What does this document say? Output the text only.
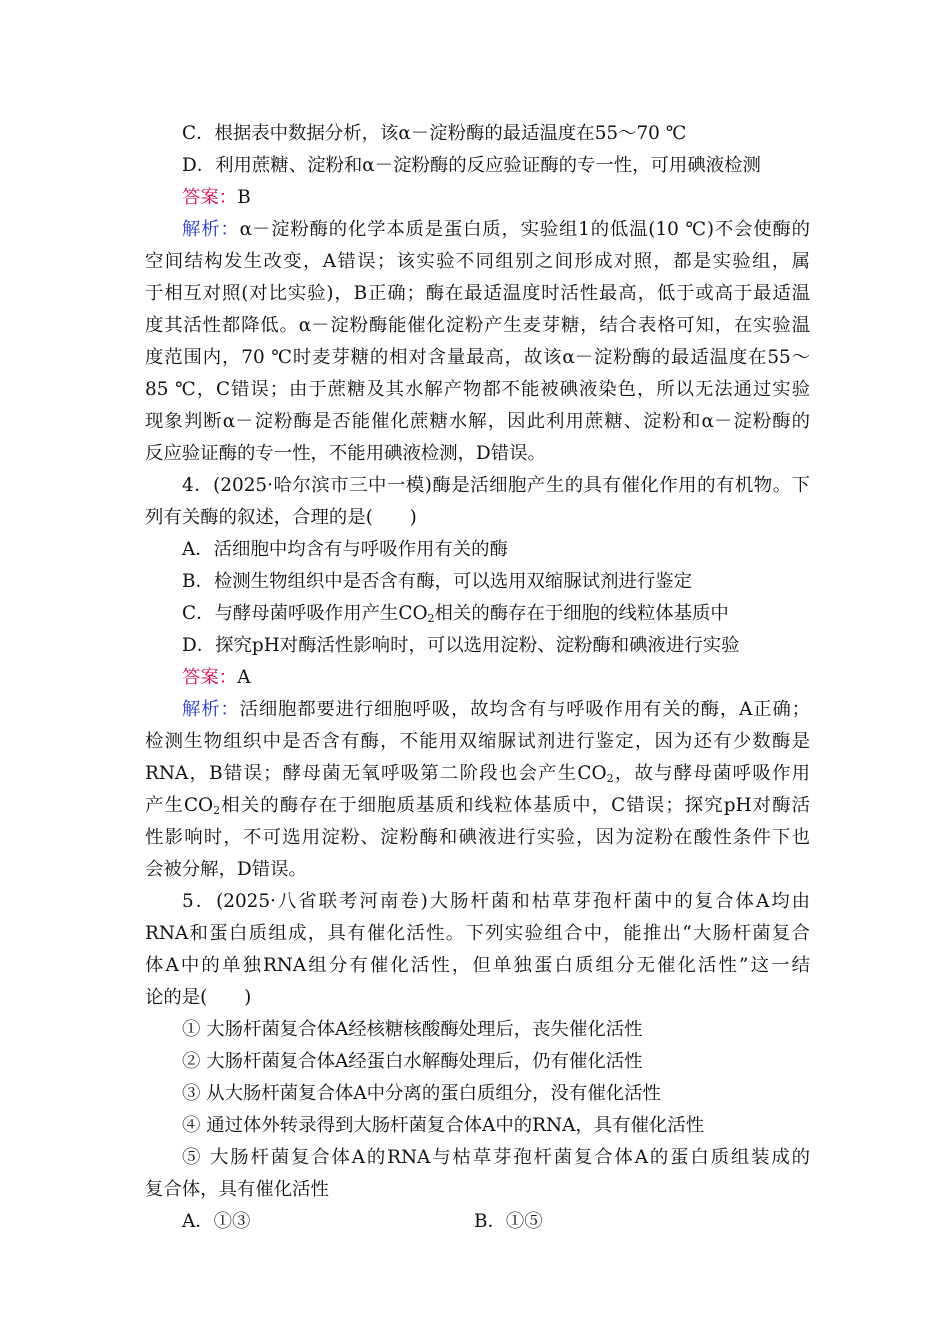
C．根据表中数据分析，该α－淀粉酶的最适温度在55～70 ℃
D．利用蔗糖、淀粉和α－淀粉酶的反应验证酶的专一性，可用碘液检测
答案：B
解析：α－淀粉酶的化学本质是蛋白质，实验组1的低温(10 ℃)不会使酶的
空间结构发生改变，A错误；该实验不同组别之间形成对照，都是实验组，属
于相互对照(对比实验)，B正确；酶在最适温度时活性最高，低于或高于最适温
度其活性都降低。α－淀粉酶能催化淀粉产生麦芽糖，结合表格可知，在实验温
度范围内，70 ℃时麦芽糖的相对含量最高，故该α－淀粉酶的最适温度在55～
85 ℃，C错误；由于蔗糖及其水解产物都不能被碘液染色，所以无法通过实验
现象判断α－淀粉酶是否能催化蔗糖水解，因此利用蔗糖、淀粉和α－淀粉酶的
反应验证酶的专一性，不能用碘液检测，D错误。
4．(2025·哈尔滨市三中一模)酶是活细胞产生的具有催化作用的有机物。下
列有关酶的叙述，合理的是(　　)
A．活细胞中均含有与呼吸作用有关的酶
B．检测生物组织中是否含有酶，可以选用双缩脲试剂进行鉴定
C．与酵母菌呼吸作用产生$CO_2$相关的酶存在于细胞的线粒体基质中
D．探究pH对酶活性影响时，可以选用淀粉、淀粉酶和碘液进行实验
答案：A
解析：活细胞都要进行细胞呼吸，故均含有与呼吸作用有关的酶，A正确；
检测生物组织中是否含有酶，不能用双缩脲试剂进行鉴定，因为还有少数酶是
RNA，B错误；酵母菌无氧呼吸第二阶段也会产生$CO_2$，故与酵母菌呼吸作用
产生$CO_2$相关的酶存在于细胞质基质和线粒体基质中，C错误；探究pH对酶活
性影响时，不可选用淀粉、淀粉酶和碘液进行实验，因为淀粉在酸性条件下也
会被分解，D错误。
5．(2025·八省联考河南卷)大肠杆菌和枯草芽孢杆菌中的复合体A均由
RNA和蛋白质组成，具有催化活性。下列实验组合中，能推出“大肠杆菌复合
体A中的单独RNA组分有催化活性，但单独蛋白质组分无催化活性”这一结
论的是(　　)
① 大肠杆菌复合体A经核糖核酸酶处理后，丧失催化活性
② 大肠杆菌复合体A经蛋白水解酶处理后，仍有催化活性
③ 从大肠杆菌复合体A中分离的蛋白质组分，没有催化活性
④ 通过体外转录得到大肠杆菌复合体A中的RNA，具有催化活性
⑤ 大肠杆菌复合体A的RNA与枯草芽孢杆菌复合体A的蛋白质组装成的
复合体，具有催化活性
A．①③	B．①⑤
